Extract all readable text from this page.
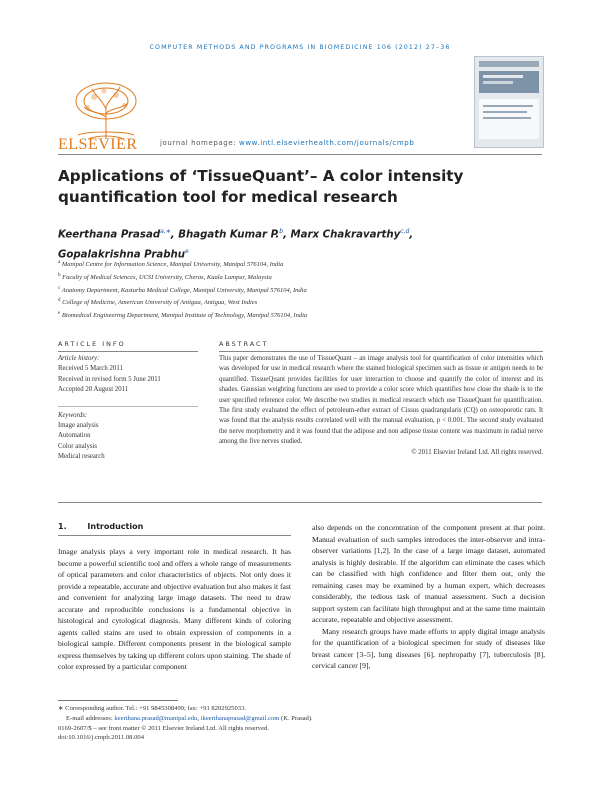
COMPUTER METHODS AND PROGRAMS IN BIOMEDICINE 106 (2012) 27–36
ELSEVIER	journal homepage: www.intl.elsevierhealth.com/journals/cmpb
Applications of ‘TissueQuant’– A color intensity
quantification tool for medical research
Keerthana Prasad$^{a,∗}$, Bhagath Kumar P.$^b$, Marx Chakravarthy$^{c,d}$,
Gopalakrishna Prabhu$^e$
$^a$ Manipal Centre for Information Science, Manipal University, Manipal 576104, India
$^b$ Faculty of Medical Sciences, UCSI University, Cheras, Kuala Lumpur, Malaysia
$^c$ Anatomy Department, Kasturba Medical College, Manipal University, Manipal 576104, India
$^d$ College of Medicine, American University of Antigua, Antigua, West Indies
$^e$ Biomedical Engineering Department, Manipal Institute of Technology, Manipal 576104, India
ARTICLE INFO	ABSTRACT
Article history:
Received 5 March 2011
Received in revised form 5 June 2011
Accepted 20 August 2011
Keywords:
Image analysis
Automation
Color analysis
Medical research
This paper demonstrates the use of TissueQuant – an image analysis tool for quantification of color intensities which was developed for use in medical research where the stained biological specimen such as tissue or antigen needs to be quantified. TissueQuant provides facilities for user interaction to choose and quantify the color of interest and its shades. Gaussian weighting functions are used to provide a color score which quantifies how close the shade is to the user specified reference color. We describe two studies in medical research which use TissueQuant for quantification. The first study evaluated the effect of petroleum-ether extract of Cissus quadrangularis (CQ) on osteoporotic rats. It was found that the analysis results correlated well with the manual evaluation, p < 0.001. The second study evaluated the nerve morphometry and it was found that the adipose and non adipose tissue content was maximum in radial nerve among the five nerves studied.
© 2011 Elsevier Ireland Ltd. All rights reserved.
1.	Introduction
Image analysis plays a very important role in medical research. It has become a powerful scientific tool and offers a whole range of measurements of optical parameters and color characteristics of objects. Not only does it provide a repeatable, accurate and objective evaluation but also makes it fast and convenient for analyzing large image datasets. The need to draw accurate and reproducible conclusions is a fundamental objective in histological and cytological diagnosis. Many different kinds of coloring agents called stains are used to obtain expression of components in a biological sample. Different components present in the biological sample express themselves by taking up different colors upon staining. The shade of color expressed by a particular component
also depends on the concentration of the component present at that point. Manual evaluation of such samples introduces the inter-observer and intra-observer variations [1,2]. In the case of a large image dataset, automated analysis is highly desirable. If the algorithm can eliminate the cases which can be classified with high confidence and filter them out, only the remaining cases may be examined by a human expert, which decreases considerably, the tedious task of manual assessment. Such a decision support system can facilitate high throughput and at the same time maintain accurate, repeatable and objective assessment.
Many research groups have made efforts to apply digital image analysis for the quantification of a biological specimen for study of diseases like breast cancer [3–5], lung diseases [6], nephropathy [7], tuberculosis [8], cervical cancer [9],
∗ Corresponding author. Tel.: +91 9845308499; fax: +91 8202925033.
E-mail addresses: keerthana.prasad@manipal.edu, ikeerthanaprasad@gmail.com (K. Prasad).
0169-2607/$ – see front matter © 2011 Elsevier Ireland Ltd. All rights reserved.
doi:10.1016/j.cmpb.2011.08.004
